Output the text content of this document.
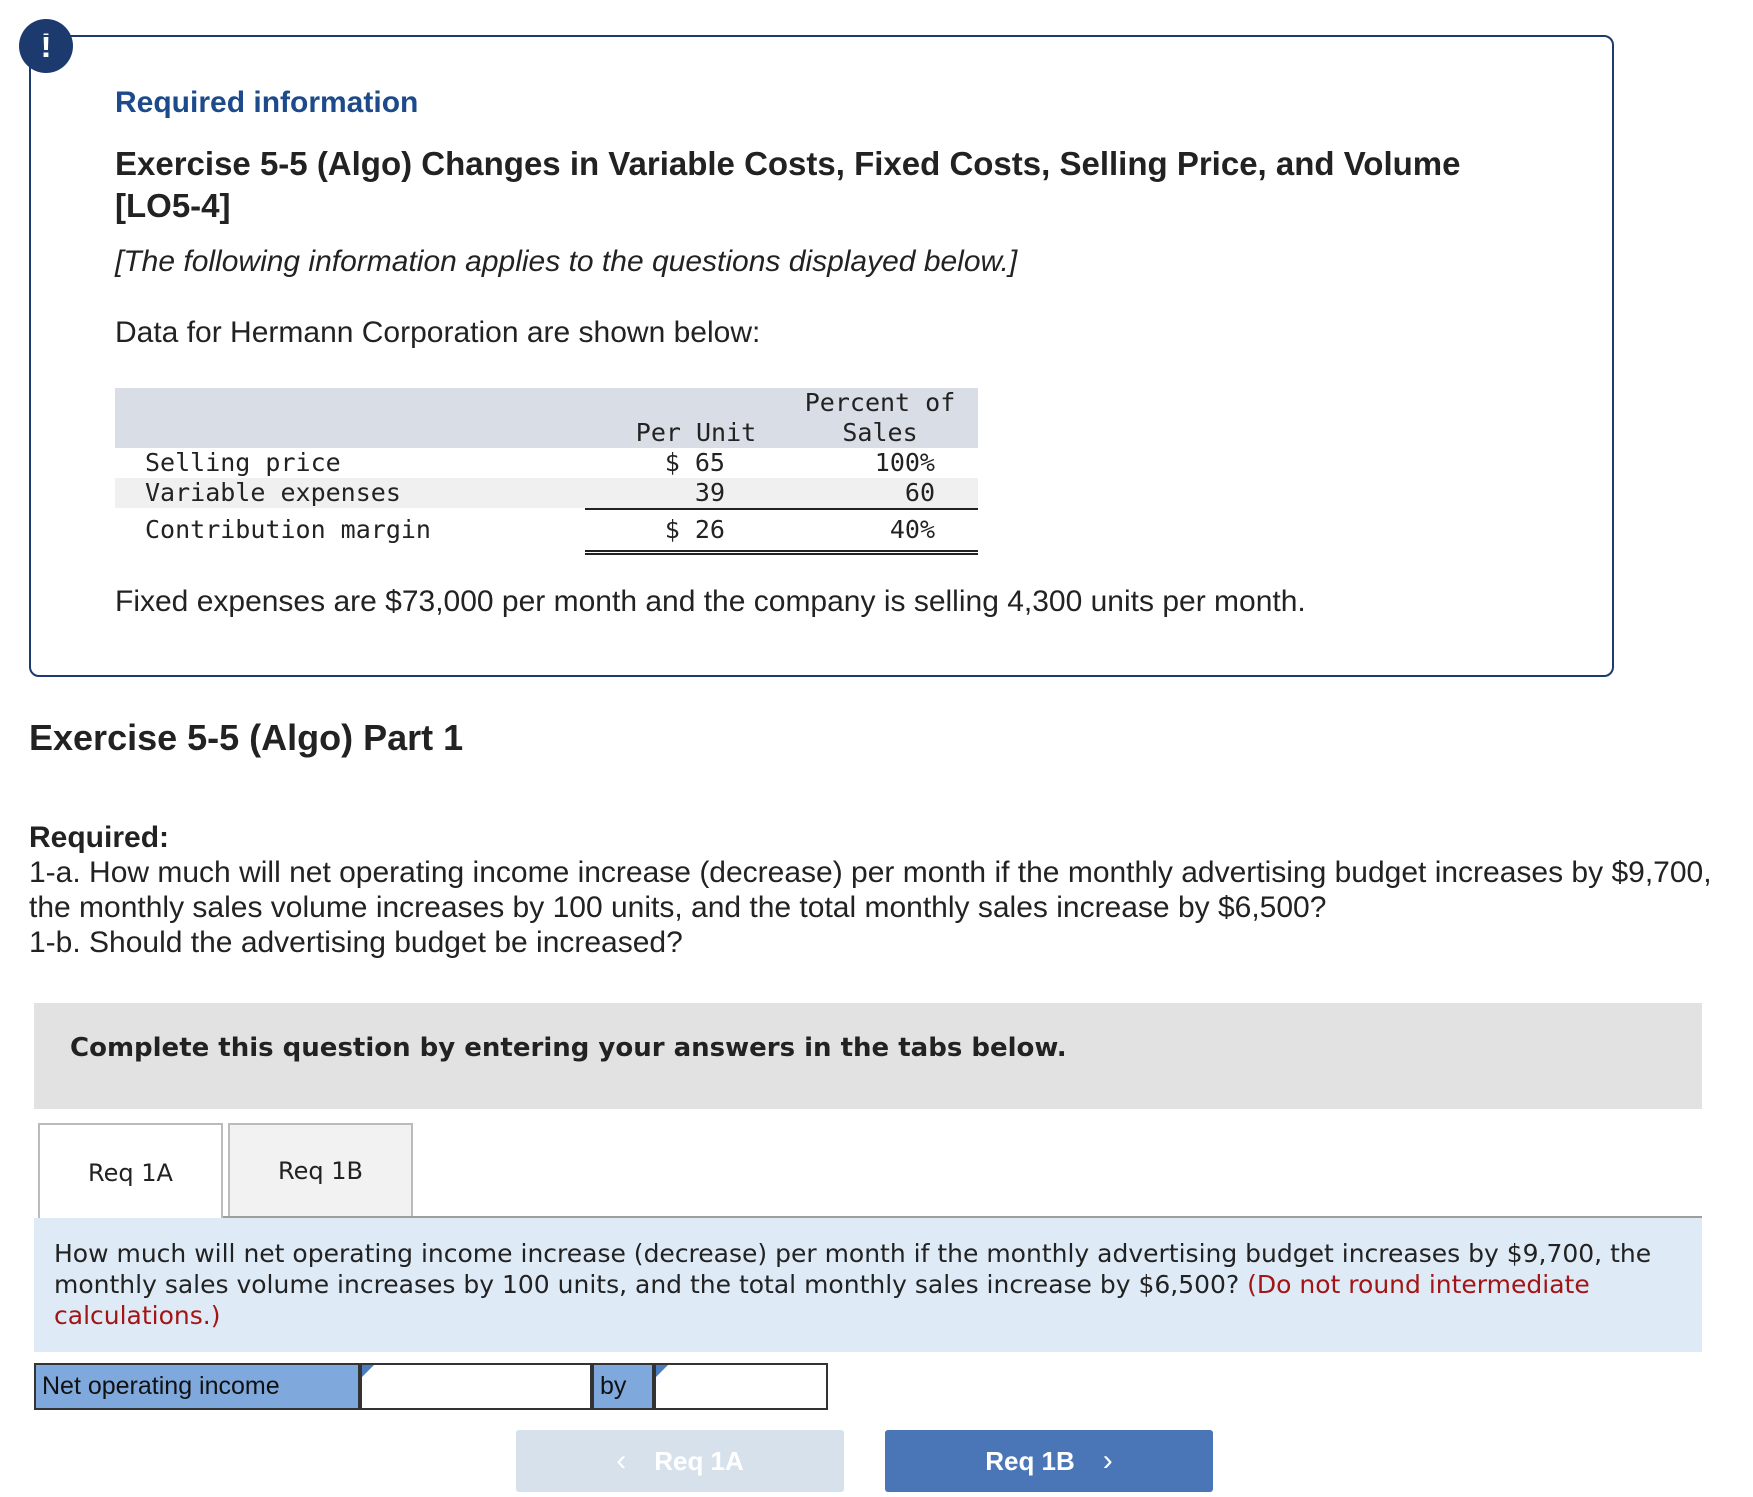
!
Required information
Exercise 5-5 (Algo) Changes in Variable Costs, Fixed Costs, Selling Price, and Volume [LO5-4]
[The following information applies to the questions displayed below.]
Data for Hermann Corporation are shown below:
Per Unit
Percent of
Sales
Selling price	$ 65	100%
Variable expenses	39	60
Contribution margin	$ 26	40%
Fixed expenses are $73,000 per month and the company is selling 4,300 units per month.
Exercise 5-5 (Algo) Part 1
Required:
1-a. How much will net operating income increase (decrease) per month if the monthly advertising budget increases by $9,700, the monthly sales volume increases by 100 units, and the total monthly sales increase by $6,500?
1-b. Should the advertising budget be increased?
Complete this question by entering your answers in the tabs below.
Req 1A	Req 1B
How much will net operating income increase (decrease) per month if the monthly advertising budget increases by $9,700, the monthly sales volume increases by 100 units, and the total monthly sales increase by $6,500? (Do not round intermediate calculations.)
Net operating income	by
‹ Req 1A	Req 1B ›
